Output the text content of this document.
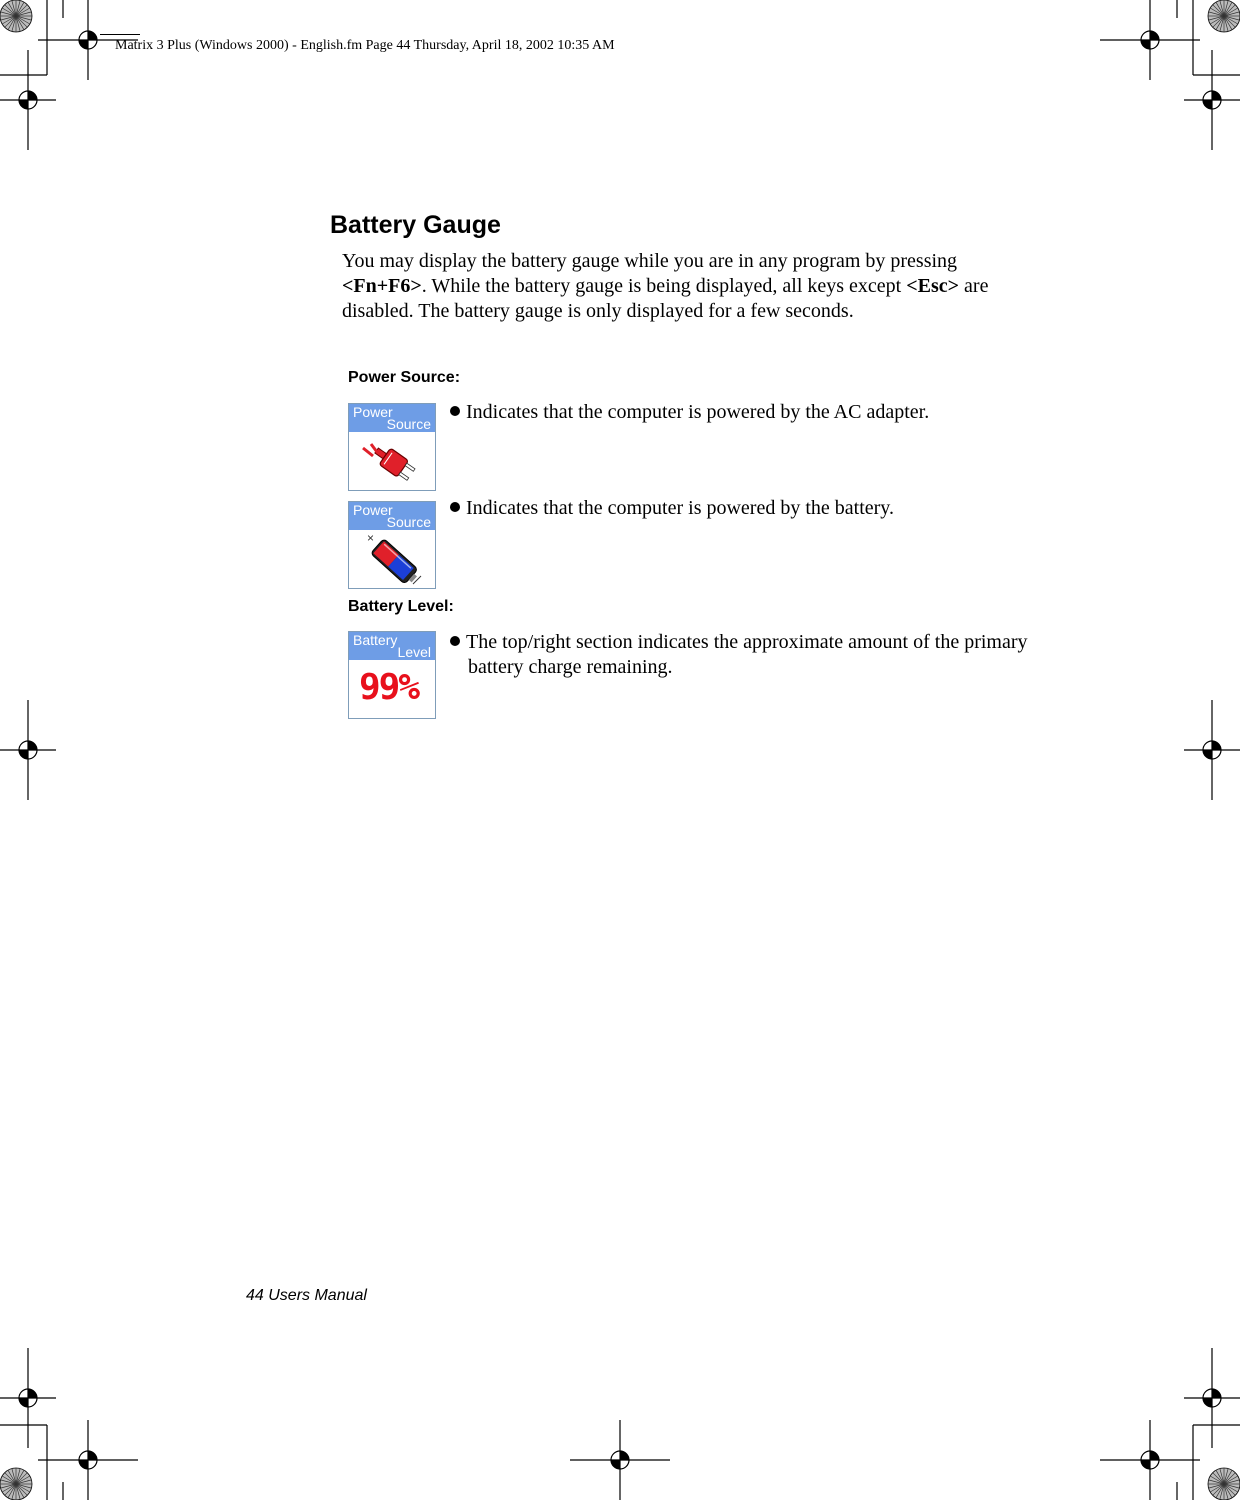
Matrix 3 Plus (Windows 2000) - English.fm Page 44 Thursday, April 18, 2002 10:35 AM
Battery Gauge
You may display the battery gauge while you are in any program by pressing
<Fn+F6>. While the battery gauge is being displayed, all keys except <Esc> are disabled. The battery gauge is only displayed for a few seconds.
Power Source:
Power
Source
Indicates that the computer is powered by the AC adapter.
Power
Source
×
Indicates that the computer is powered by the battery.
Battery Level:
Battery
Level
99%
The top/right section indicates the approximate amount of the primary battery charge remaining.
44 Users Manual
